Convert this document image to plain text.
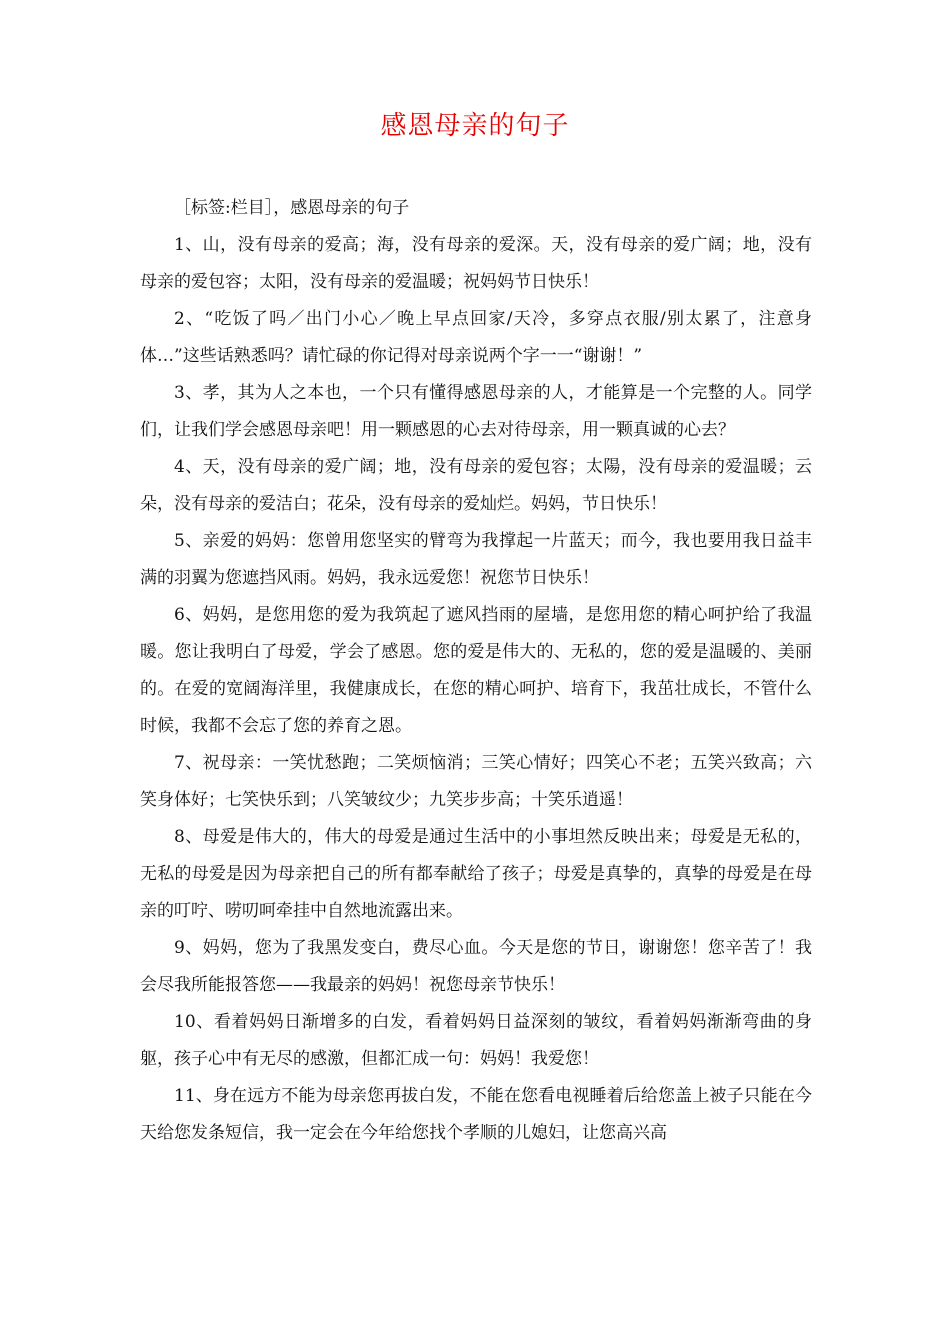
感恩母亲的句子

［标签:栏目］，感恩母亲的句子

1、山，没有母亲的爱高；海，没有母亲的爱深。天，没有母亲的爱广阔；地，没有母亲的爱包容；太阳，没有母亲的爱温暖；祝妈妈节日快乐！

2、“吃饭了吗／出门小心／晚上早点回家/天冷，多穿点衣服/别太累了，注意身体…”这些话熟悉吗？请忙碌的你记得对母亲说两个字一一“谢谢！”

3、孝，其为人之本也，一个只有懂得感恩母亲的人，才能算是一个完整的人。同学们，让我们学会感恩母亲吧！用一颗感恩的心去对待母亲，用一颗真诚的心去？

4、天，没有母亲的爱广阔；地，没有母亲的爱包容；太陽，没有母亲的爱温暖；云朵，没有母亲的爱洁白；花朵，没有母亲的爱灿烂。妈妈，节日快乐！

5、亲爱的妈妈：您曾用您坚实的臂弯为我撑起一片蓝天；而今，我也要用我日益丰满的羽翼为您遮挡风雨。妈妈，我永远爱您！祝您节日快乐！

6、妈妈，是您用您的爱为我筑起了遮风挡雨的屋墙，是您用您的精心呵护给了我温暖。您让我明白了母爱，学会了感恩。您的爱是伟大的、无私的，您的爱是温暖的、美丽的。在爱的宽阔海洋里，我健康成长，在您的精心呵护、培育下，我茁壮成长，不管什么时候，我都不会忘了您的养育之恩。

7、祝母亲：一笑忧愁跑；二笑烦恼消；三笑心情好；四笑心不老；五笑兴致高；六笑身体好；七笑快乐到；八笑皱纹少；九笑步步高；十笑乐逍遥！

8、母爱是伟大的，伟大的母爱是通过生活中的小事坦然反映出来；母爱是无私的，无私的母爱是因为母亲把自己的所有都奉献给了孩子；母爱是真挚的，真挚的母爱是在母亲的叮咛、唠叨呵牵挂中自然地流露出来。

9、妈妈，您为了我黑发变白，费尽心血。今天是您的节日，谢谢您！您辛苦了！我会尽我所能报答您——我最亲的妈妈！祝您母亲节快乐！

10、看着妈妈日渐增多的白发，看着妈妈日益深刻的皱纹，看着妈妈渐渐弯曲的身躯，孩子心中有无尽的感激，但都汇成一句：妈妈！我爱您！

11、身在远方不能为母亲您再拔白发，不能在您看电视睡着后给您盖上被子只能在今天给您发条短信，我一定会在今年给您找个孝顺的儿媳妇，让您高兴高
